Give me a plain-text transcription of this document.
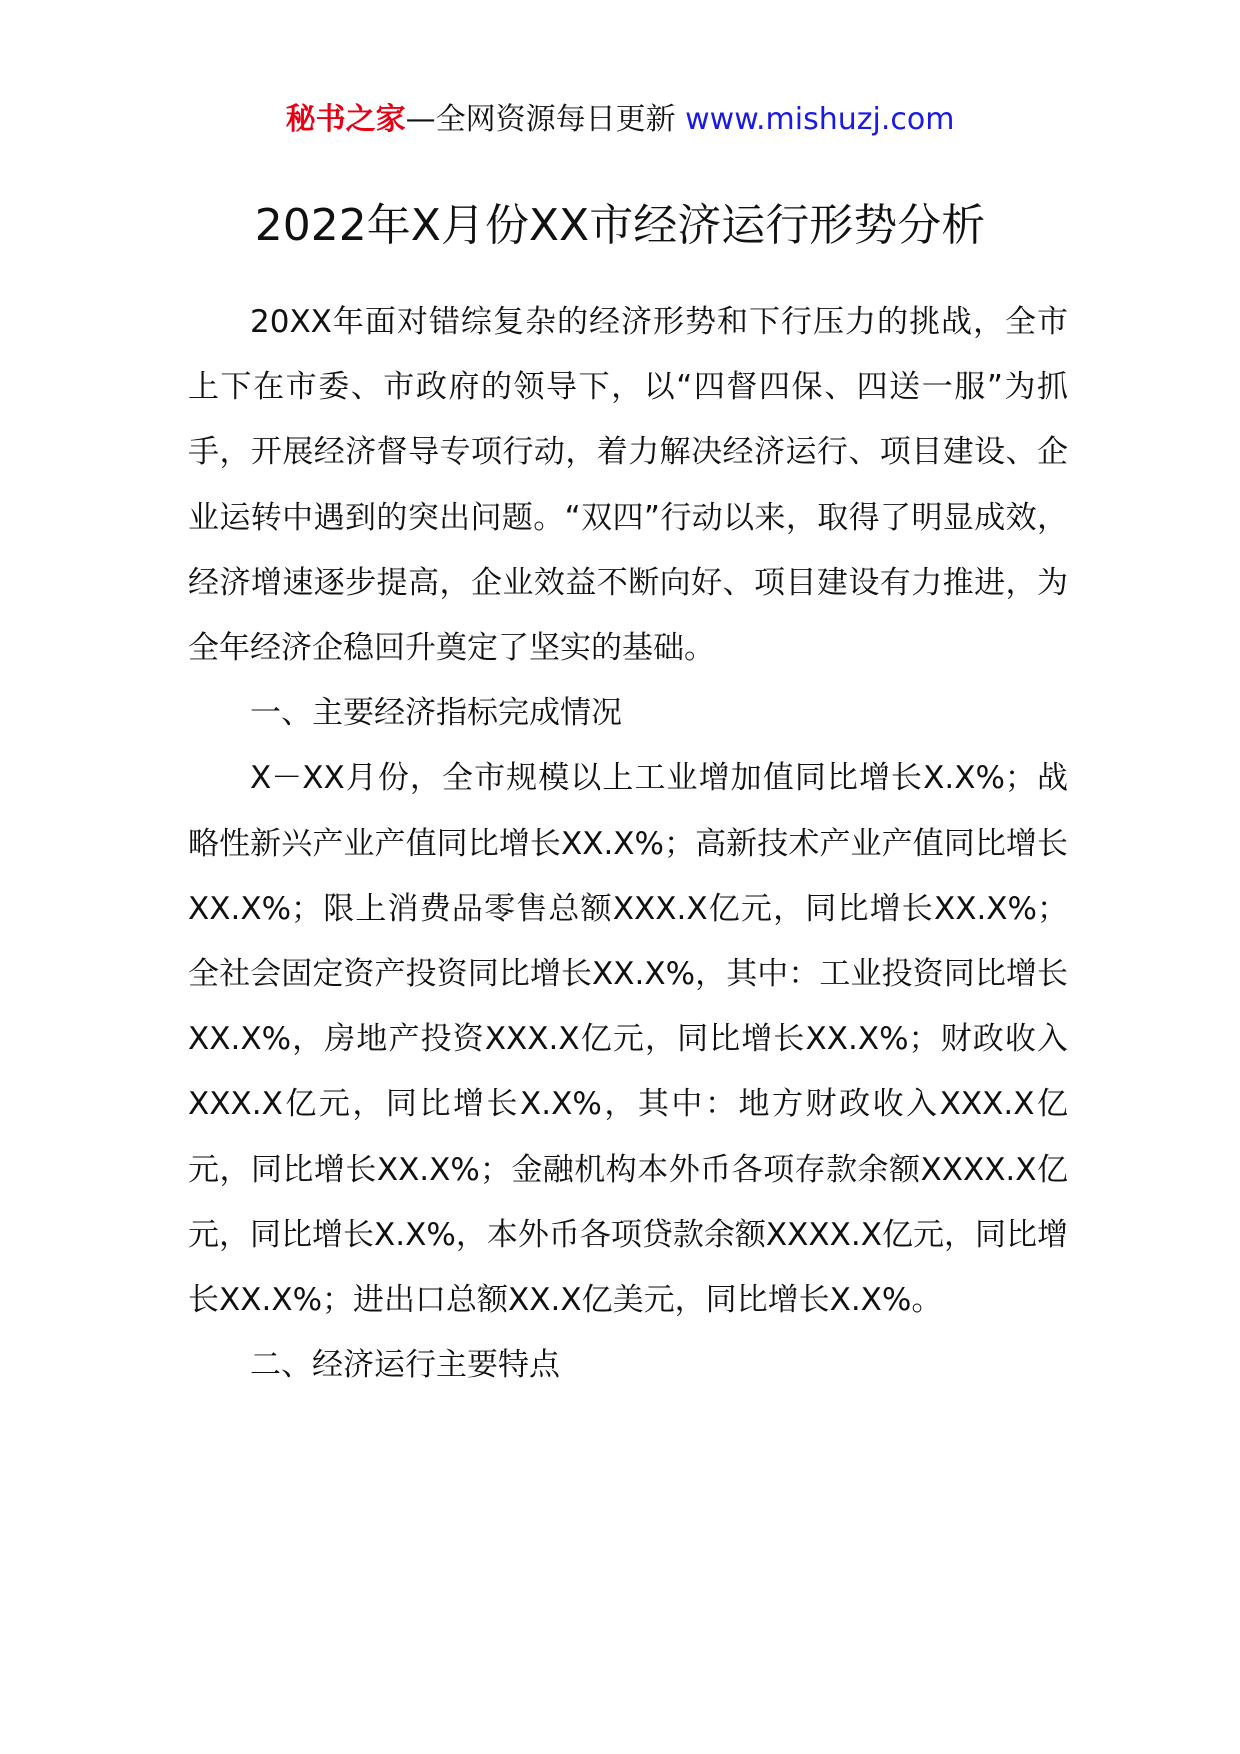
秘书之家—全网资源每日更新 www.mishuzj.com
2022年X月份XX市经济运行形势分析

20XX年面对错综复杂的经济形势和下行压力的挑战，全市上下在市委、市政府的领导下，以“四督四保、四送一服”为抓手，开展经济督导专项行动，着力解决经济运行、项目建设、企业运转中遇到的突出问题。“双四”行动以来，取得了明显成效，经济增速逐步提高，企业效益不断向好、项目建设有力推进，为全年经济企稳回升奠定了坚实的基础。

一、主要经济指标完成情况

X－XX月份，全市规模以上工业增加值同比增长X.X%；战略性新兴产业产值同比增长XX.X%；高新技术产业产值同比增长XX.X%；限上消费品零售总额XXX.X亿元，同比增长XX.X%；全社会固定资产投资同比增长XX.X%，其中：工业投资同比增长XX.X%，房地产投资XXX.X亿元，同比增长XX.X%；财政收入XXX.X亿元，同比增长X.X%，其中：地方财政收入XXX.X亿元，同比增长XX.X%；金融机构本外币各项存款余额XXXX.X亿元，同比增长X.X%，本外币各项贷款余额XXXX.X亿元，同比增长XX.X%；进出口总额XX.X亿美元，同比增长X.X%。

二、经济运行主要特点
